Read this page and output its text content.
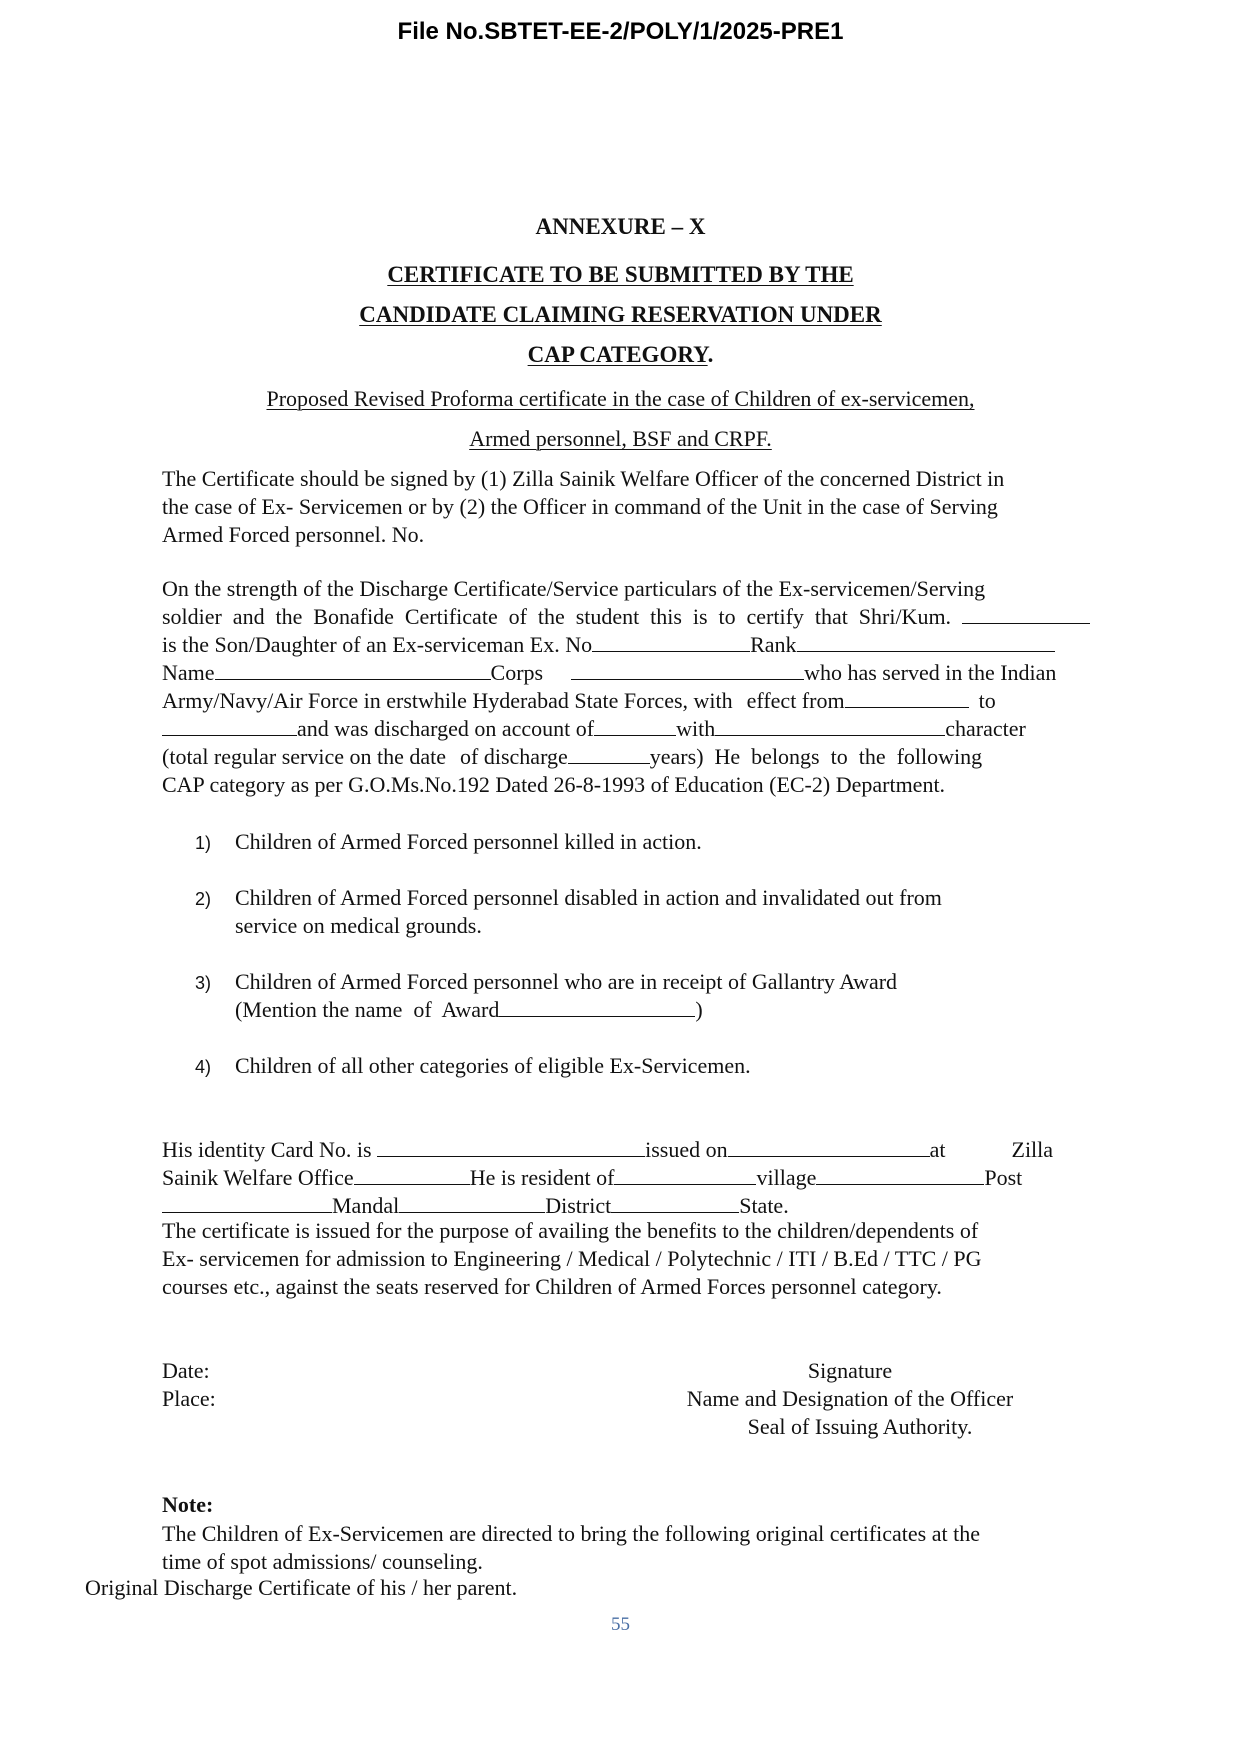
File No.SBTET-EE-2/POLY/1/2025-PRE1
ANNEXURE – X
CERTIFICATE TO BE SUBMITTED BY THE
CANDIDATE CLAIMING RESERVATION UNDER
CAP CATEGORY.
Proposed Revised Proforma certificate in the case of Children of ex-servicemen,
Armed personnel, BSF and CRPF.
The Certificate should be signed by (1) Zilla Sainik Welfare Officer of the concerned District in
the case of Ex- Servicemen or by (2) the Officer in command of the Unit in the case of Serving
Armed Forced personnel. No.
On the strength of the Discharge Certificate/Service particulars of the Ex-servicemen/Serving
soldier and the Bonafide Certificate of the student this is to certify that Shri/Kum.
is the Son/Daughter of an Ex-serviceman Ex. No	Rank
Name	Corps	who has served in the Indian
Army/Navy/Air Force in erstwhile Hyderabad State Forces, with effect from	to
and was discharged on account of	with	character
(total regular service on the date of discharge	years)  He  belongs  to  the  following
CAP category as per G.O.Ms.No.192 Dated 26-8-1993 of Education (EC-2) Department.
1) Children of Armed Forced personnel killed in action.
2) Children of Armed Forced personnel disabled in action and invalidated out from
service on medical grounds.
3) Children of Armed Forced personnel who are in receipt of Gallantry Award
(Mention the name  of  Award	)
4) Children of all other categories of eligible Ex-Servicemen.
His identity Card No. is	issued on	at	Zilla
Sainik Welfare Office	He is resident of	village	Post
Mandal	District	State.
The certificate is issued for the purpose of availing the benefits to the children/dependents of
Ex- servicemen for admission to Engineering / Medical / Polytechnic / ITI / B.Ed / TTC / PG
courses etc., against the seats reserved for Children of Armed Forces personnel category.
Date:
Place:
Signature
Name and Designation of the Officer
Seal of Issuing Authority.
Note:
The Children of Ex-Servicemen are directed to bring the following original certificates at the
time of spot admissions/ counseling.
Original Discharge Certificate of his / her parent.
55
